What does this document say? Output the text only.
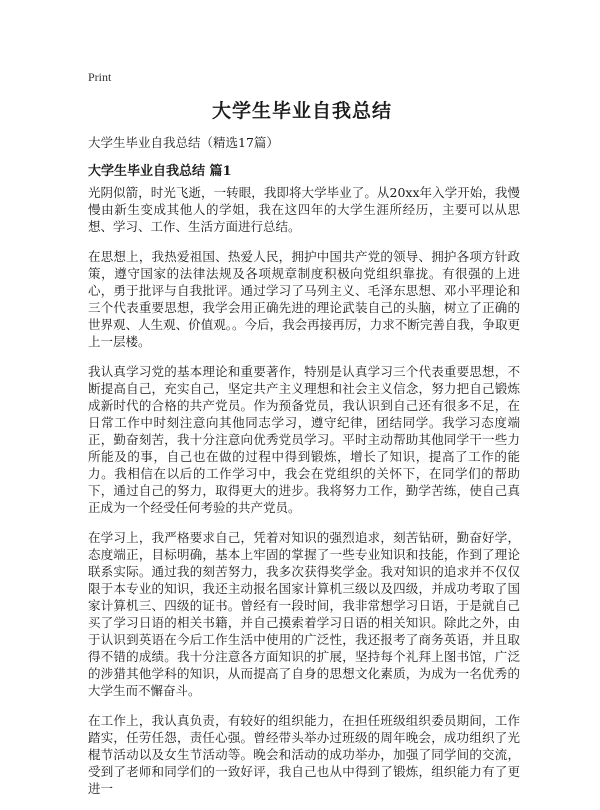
Print
大学生毕业自我总结
大学生毕业自我总结（精选17篇）
大学生毕业自我总结 篇1

光阴似箭，时光飞逝，一转眼，我即将大学毕业了。从20xx年入学开始，我慢慢由新生变成其他人的学姐，我在这四年的大学生涯所经历，主要可以从思想、学习、工作、生活方面进行总结。

在思想上，我热爱祖国、热爱人民，拥护中国共产党的领导、拥护各项方针政策，遵守国家的法律法规及各项规章制度积极向党组织靠拢。有很强的上进心，勇于批评与自我批评。通过学习了马列主义、毛泽东思想、邓小平理论和三个代表重要思想，我学会用正确先进的理论武装自己的头脑，树立了正确的世界观、人生观、价值观。。今后，我会再接再厉，力求不断完善自我，争取更上一层楼。

我认真学习党的基本理论和重要著作，特别是认真学习三个代表重要思想，不断提高自己，充实自己，坚定共产主义理想和社会主义信念，努力把自己锻炼成新时代的合格的共产党员。作为预备党员，我认识到自己还有很多不足，在日常工作中时刻注意向其他同志学习，遵守纪律，团结同学。我学习态度端正，勤奋刻苦，我十分注意向优秀党员学习。平时主动帮助其他同学干一些力所能及的事，自己也在做的过程中得到锻炼，增长了知识，提高了工作的能力。我相信在以后的工作学习中，我会在党组织的关怀下，在同学们的帮助下，通过自己的努力，取得更大的进步。我将努力工作，勤学苦练，使自己真正成为一个经受任何考验的共产党员。

在学习上，我严格要求自己，凭着对知识的强烈追求，刻苦钻研，勤奋好学，态度端正，目标明确，基本上牢固的掌握了一些专业知识和技能，作到了理论联系实际。通过我的刻苦努力，我多次获得奖学金。我对知识的追求并不仅仅限于本专业的知识，我还主动报名国家计算机三级以及四级，并成功考取了国家计算机三、四级的证书。曾经有一段时间，我非常想学习日语，于是就自己买了学习日语的相关书籍，并自己摸索着学习日语的相关知识。除此之外，由于认识到英语在今后工作生活中使用的广泛性，我还报考了商务英语，并且取得不错的成绩。我十分注意各方面知识的扩展，坚持每个礼拜上图书馆，广泛的涉猎其他学科的知识，从而提高了自身的思想文化素质，为成为一名优秀的大学生而不懈奋斗。

在工作上，我认真负责，有较好的组织能力，在担任班级组织委员期间，工作踏实，任劳任怨，责任心强。曾经带头举办过班级的周年晚会，成功组织了光棍节活动以及女生节活动等。晚会和活动的成功举办，加强了同学间的交流，受到了老师和同学们的一致好评，我自己也从中得到了锻炼，组织能力有了更进一
